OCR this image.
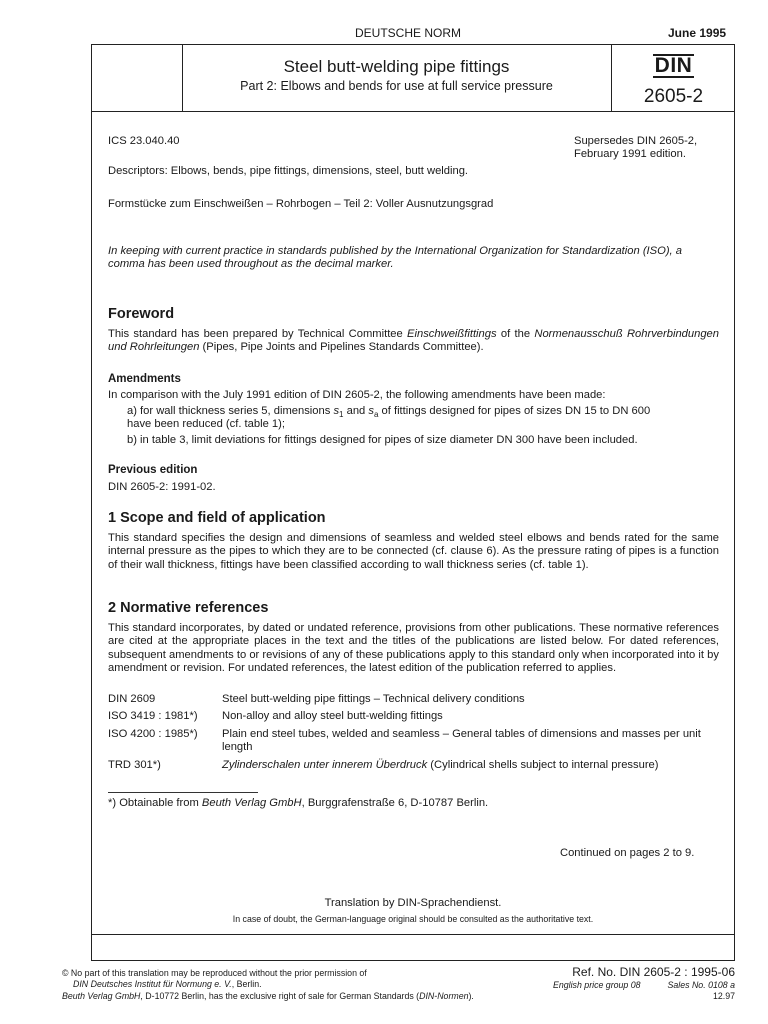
DEUTSCHE NORM	June 1995
Steel butt-welding pipe fittings
Part 2: Elbows and bends for use at full service pressure
DIN
2605-2
ICS 23.040.40	Supersedes DIN 2605-2,
February 1991 edition.
Descriptors: Elbows, bends, pipe fittings, dimensions, steel, butt welding.
Formstücke zum Einschweißen – Rohrbogen – Teil 2: Voller Ausnutzungsgrad
In keeping with current practice in standards published by the International Organization for Standardization (ISO), a comma has been used throughout as the decimal marker.
Foreword
This standard has been prepared by Technical Committee Einschweißfittings of the Normenausschuß Rohrverbindungen und Rohrleitungen (Pipes, Pipe Joints and Pipelines Standards Committee).
Amendments
In comparison with the July 1991 edition of DIN 2605-2, the following amendments have been made:
a) for wall thickness series 5, dimensions $s_1$ and $s_a$ of fittings designed for pipes of sizes DN 15 to DN 600
have been reduced (cf. table 1);
b) in table 3, limit deviations for fittings designed for pipes of size diameter DN 300 have been included.
Previous edition
DIN 2605-2: 1991-02.
1 Scope and field of application
This standard specifies the design and dimensions of seamless and welded steel elbows and bends rated for the same internal pressure as the pipes to which they are to be connected (cf. clause 6). As the pressure rating of pipes is a function of their wall thickness, fittings have been classified according to wall thickness series (cf. table 1).
2 Normative references
This standard incorporates, by dated or undated reference, provisions from other publications. These normative references are cited at the appropriate places in the text and the titles of the publications are listed below. For dated references, subsequent amendments to or revisions of any of these publications apply to this standard only when incorporated into it by amendment or revision. For undated references, the latest edition of the publication referred to applies.
DIN 2609	Steel butt-welding pipe fittings – Technical delivery conditions
ISO 3419 : 1981*)	Non-alloy and alloy steel butt-welding fittings
ISO 4200 : 1985*)	Plain end steel tubes, welded and seamless – General tables of dimensions and masses per unit length
TRD 301*)	Zylinderschalen unter innerem Überdruck (Cylindrical shells subject to internal pressure)
*) Obtainable from Beuth Verlag GmbH, Burggrafenstraße 6, D-10787 Berlin.
Continued on pages 2 to 9.
Translation by DIN-Sprachendienst.
In case of doubt, the German-language original should be consulted as the authoritative text.
© No part of this translation may be reproduced without the prior permission of
DIN Deutsches Institut für Normung e. V., Berlin.
Beuth Verlag GmbH, D-10772 Berlin, has the exclusive right of sale for German Standards (DIN-Normen).
Ref. No. DIN 2605-2 : 1995-06
English price group 08	Sales No. 0108 a
12.97
